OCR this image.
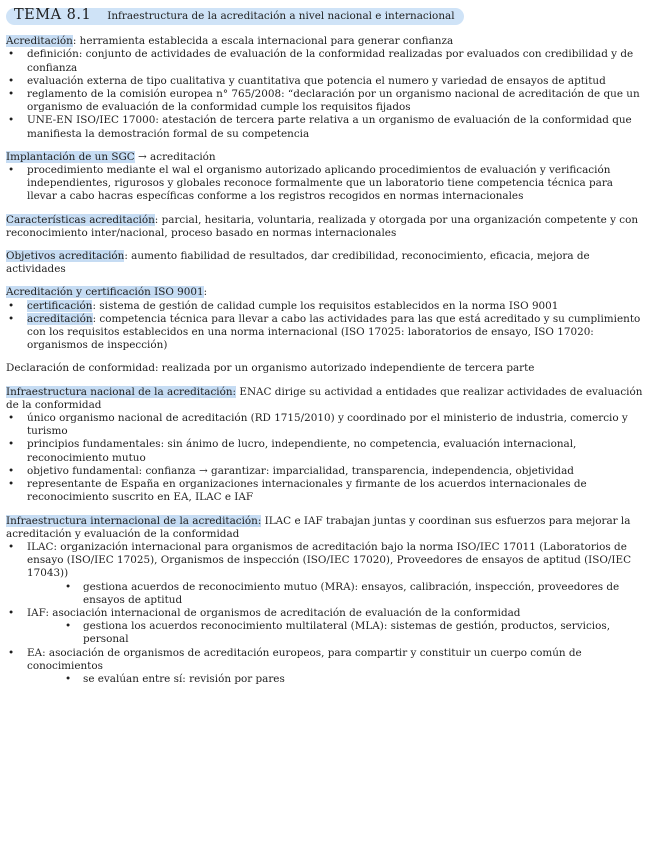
TEMA 8.1 Infraestructura de la acreditación a nivel nacional e internacional
Acreditación: herramienta establecida a escala internacional para generar confianza
• definición: conjunto de actividades de evaluación de la conformidad realizadas por evaluados con credibilidad y de confianza
• evaluación externa de tipo cualitativa y cuantitativa que potencia el numero y variedad de ensayos de aptitud
• reglamento de la comisión europea n° 765/2008: “declaración por un organismo nacional de acreditación de que un organismo de evaluación de la conformidad cumple los requisitos fijados
• UNE-EN ISO/IEC 17000: atestación de tercera parte relativa a un organismo de evaluación de la conformidad que manifiesta la demostración formal de su competencia
Implantación de un SGC → acreditación
• procedimiento mediante el wal el organismo autorizado aplicando procedimientos de evaluación y verificación independientes, rigurosos y globales reconoce formalmente que un laboratorio tiene competencia técnica para llevar a cabo hacras específicas conforme a los registros recogidos en normas internacionales
Características acreditación: parcial, hesitaria, voluntaria, realizada y otorgada por una organización competente y con reconocimiento inter/nacional, proceso basado en normas internacionales
Objetivos acreditación: aumento fiabilidad de resultados, dar credibilidad, reconocimiento, eficacia, mejora de actividades
Acreditación y certificación ISO 9001:
• certificación: sistema de gestión de calidad cumple los requisitos establecidos en la norma ISO 9001
• acreditación: competencia técnica para llevar a cabo las actividades para las que está acreditado y su cumplimiento con los requisitos establecidos en una norma internacional (ISO 17025: laboratorios de ensayo, ISO 17020: organismos de inspección)
Declaración de conformidad: realizada por un organismo autorizado independiente de tercera parte
Infraestructura nacional de la acreditación: ENAC dirige su actividad a entidades que realizar actividades de evaluación de la conformidad
• único organismo nacional de acreditación (RD 1715/2010) y coordinado por el ministerio de industria, comercio y turismo
• principios fundamentales: sin ánimo de lucro, independiente, no competencia, evaluación internacional, reconocimiento mutuo
• objetivo fundamental: confianza → garantizar: imparcialidad, transparencia, independencia, objetividad
• representante de España en organizaciones internacionales y firmante de los acuerdos internacionales de reconocimiento suscrito en EA, ILAC e IAF
Infraestructura internacional de la acreditación: ILAC e IAF trabajan juntas y coordinan sus esfuerzos para mejorar la acreditación y evaluación de la conformidad
• ILAC: organización internacional para organismos de acreditación bajo la norma ISO/IEC 17011 (Laboratorios de ensayo (ISO/IEC 17025), Organismos de inspección (ISO/IEC 17020), Proveedores de ensayos de aptitud (ISO/IEC 17043))
• gestiona acuerdos de reconocimiento mutuo (MRA): ensayos, calibración, inspección, proveedores de ensayos de aptitud
• IAF: asociación internacional de organismos de acreditación de evaluación de la conformidad
• gestiona los acuerdos reconocimiento multilateral (MLA): sistemas de gestión, productos, servicios, personal
• EA: asociación de organismos de acreditación europeos, para compartir y constituir un cuerpo común de conocimientos
• se evalúan entre sí: revisión por pares
